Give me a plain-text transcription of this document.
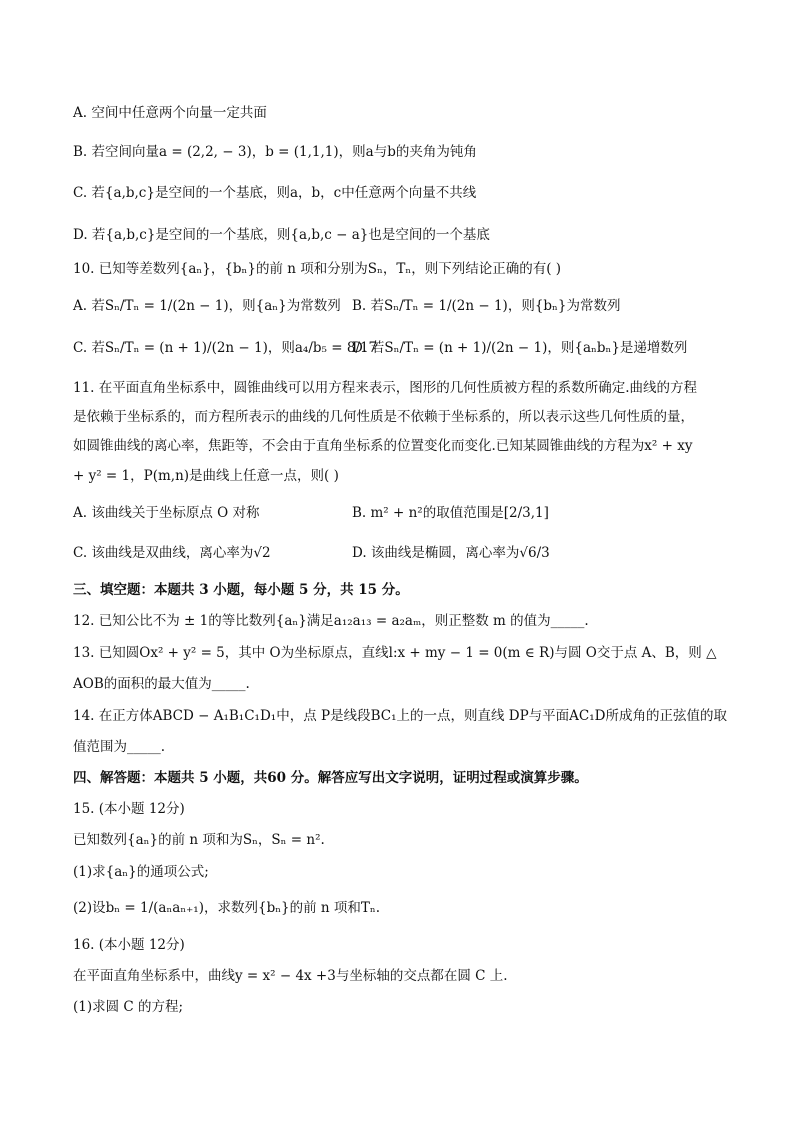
A. 空间中任意两个向量一定共面
B. 若空间向量a = (2,2, − 3)，b = (1,1,1)，则a与b的夹角为钝角
C. 若{a,b,c}是空间的一个基底，则a，b，c中任意两个向量不共线
D. 若{a,b,c}是空间的一个基底，则{a,b,c − a}也是空间的一个基底
10. 已知等差数列{aₙ}，{bₙ}的前 n 项和分别为Sₙ，Tₙ，则下列结论正确的有( )
A. 若Sₙ/Tₙ = 1/(2n − 1)，则{aₙ}为常数列 B. 若Sₙ/Tₙ = 1/(2n − 1)，则{bₙ}为常数列
C. 若Sₙ/Tₙ = (n + 1)/(2n − 1)，则a₄/b₅ = 8/17
D. 若Sₙ/Tₙ = (n + 1)/(2n − 1)，则{aₙbₙ}是递增数列
11. 在平面直角坐标系中，圆锥曲线可以用方程来表示，图形的几何性质被方程的系数所确定.曲线的方程
是依赖于坐标系的，而方程所表示的曲线的几何性质是不依赖于坐标系的，所以表示这些几何性质的量，
如圆锥曲线的离心率，焦距等，不会由于直角坐标系的位置变化而变化.已知某圆锥曲线的方程为x² + xy
+ y² = 1，P(m,n)是曲线上任意一点，则( )
A. 该曲线关于坐标原点 O 对称	B. m² + n²的取值范围是[2/3,1]
C. 该曲线是双曲线，离心率为√2	D. 该曲线是椭圆，离心率为√6/3
三、填空题：本题共 3 小题，每小题 5 分，共 15 分。
12. 已知公比不为 ± 1的等比数列{aₙ}满足a₁₂a₁₃ = a₂aₘ，则正整数 m 的值为_____.
13. 已知圆Ox² + y² = 5，其中 O为坐标原点，直线l:x + my − 1 = 0(m ∈ R)与圆 O交于点 A、B，则 △
AOB的面积的最大值为_____.
14. 在正方体ABCD − A₁B₁C₁D₁中，点 P是线段BC₁上的一点，则直线 DP与平面AC₁D所成角的正弦值的取
值范围为_____.
四、解答题：本题共 5 小题，共60 分。解答应写出文字说明，证明过程或演算步骤。
15. (本小题 12分)
已知数列{aₙ}的前 n 项和为Sₙ，Sₙ = n².
(1)求{aₙ}的通项公式;
(2)设bₙ = 1/(aₙaₙ₊₁)，求数列{bₙ}的前 n 项和Tₙ.
16. (本小题 12分)
在平面直角坐标系中，曲线y = x² − 4x +3与坐标轴的交点都在圆 C 上.
(1)求圆 C 的方程;
